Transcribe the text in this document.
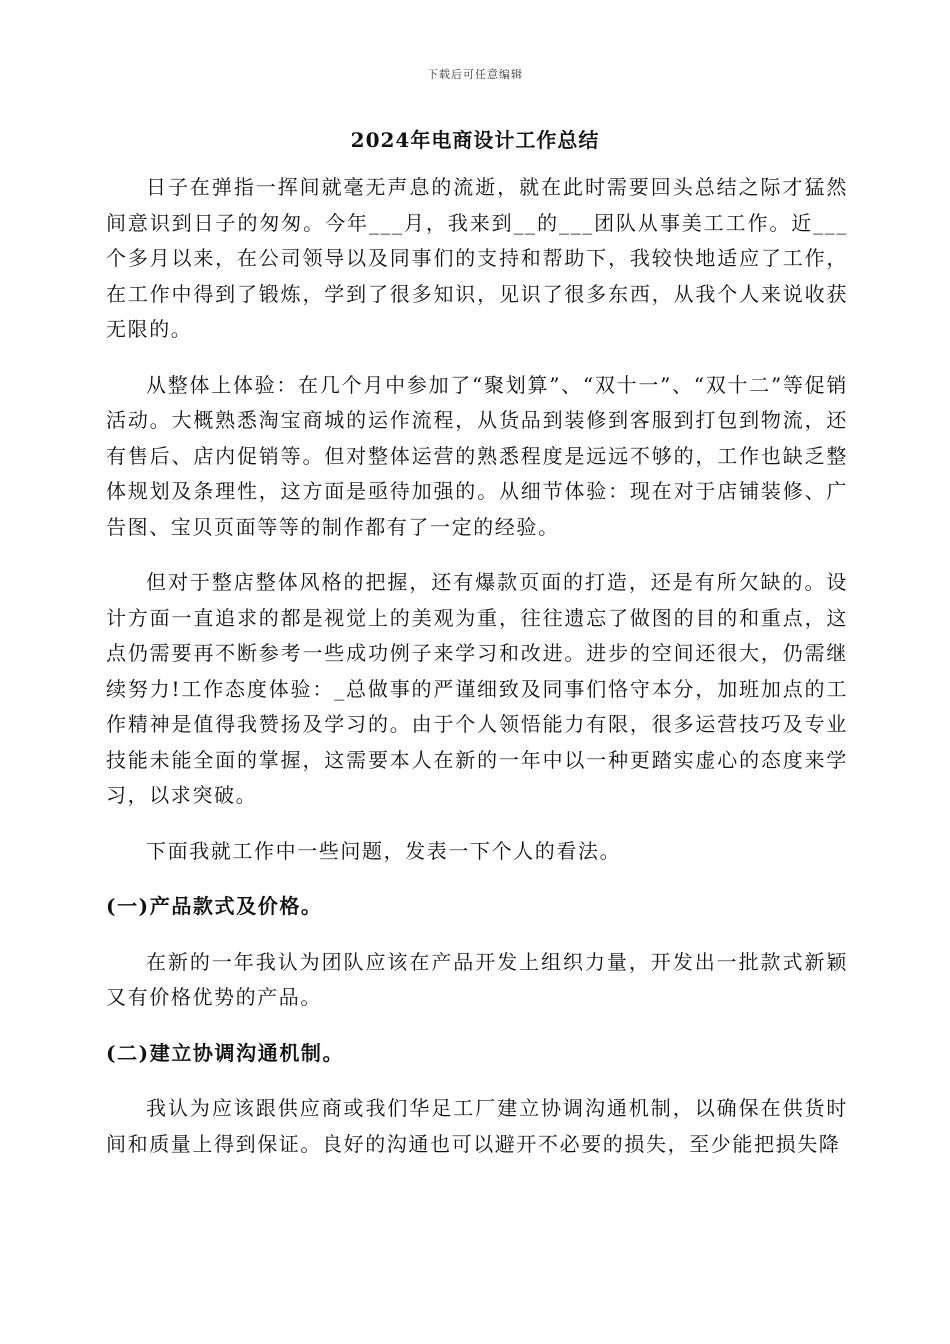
下载后可任意编辑
2024年电商设计工作总结

日子在弹指一挥间就毫无声息的流逝，就在此时需要回头总结之际才猛然间意识到日子的匆匆。今年___月，我来到__的___团队从事美工工作。近___个多月以来，在公司领导以及同事们的支持和帮助下，我较快地适应了工作，在工作中得到了锻炼，学到了很多知识，见识了很多东西，从我个人来说收获无限的。

从整体上体验：在几个月中参加了“聚划算”、“双十一”、“双十二”等促销活动。大概熟悉淘宝商城的运作流程，从货品到装修到客服到打包到物流，还有售后、店内促销等。但对整体运营的熟悉程度是远远不够的，工作也缺乏整体规划及条理性，这方面是亟待加强的。从细节体验：现在对于店铺装修、广告图、宝贝页面等等的制作都有了一定的经验。

但对于整店整体风格的把握，还有爆款页面的打造，还是有所欠缺的。设计方面一直追求的都是视觉上的美观为重，往往遗忘了做图的目的和重点，这点仍需要再不断参考一些成功例子来学习和改进。进步的空间还很大，仍需继续努力!工作态度体验：_总做事的严谨细致及同事们恪守本分，加班加点的工作精神是值得我赞扬及学习的。由于个人领悟能力有限，很多运营技巧及专业技能未能全面的掌握，这需要本人在新的一年中以一种更踏实虚心的态度来学习，以求突破。

下面我就工作中一些问题，发表一下个人的看法。

(一)产品款式及价格。

在新的一年我认为团队应该在产品开发上组织力量，开发出一批款式新颖又有价格优势的产品。

(二)建立协调沟通机制。

我认为应该跟供应商或我们华足工厂建立协调沟通机制，以确保在供货时间和质量上得到保证。良好的沟通也可以避开不必要的损失，至少能把损失降
